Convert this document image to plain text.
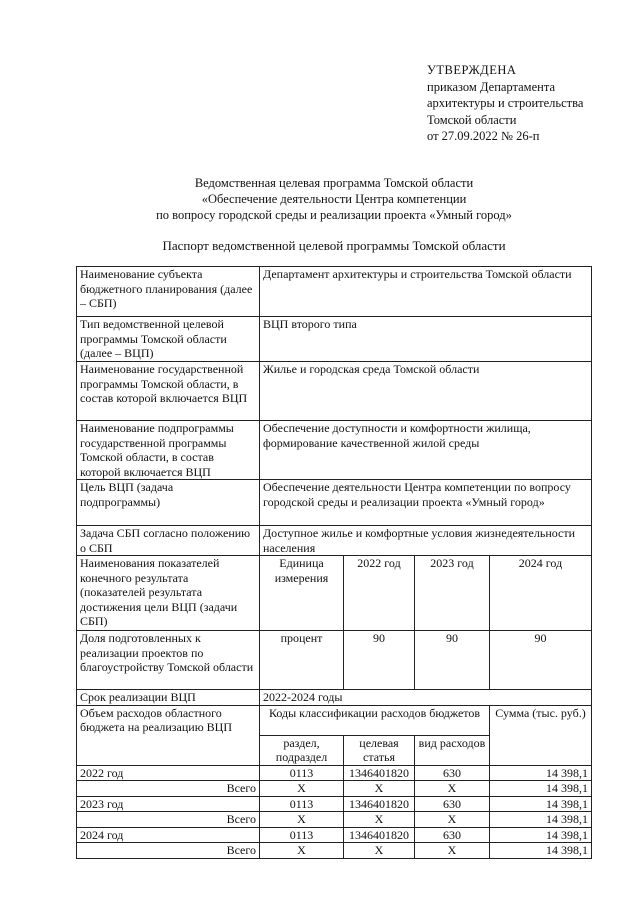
УТВЕРЖДЕНА
приказом Департамента
архитектуры и строительства
Томской области
от 27.09.2022 № 26-п
Ведомственная целевая программа Томской области
«Обеспечение деятельности Центра компетенции
по вопросу городской среды и реализации проекта «Умный город»
Паспорт ведомственной целевой программы Томской области
Наименование субъекта бюджетного планирования (далее – СБП)	Департамент архитектуры и строительства Томской области			
Тип ведомственной целевой программы Томской области (далее – ВЦП)	ВЦП второго типа			
Наименование государственной программы Томской области, в состав которой включается ВЦП	Жилье и городская среда Томской области			
Наименование подпрограммы государственной программы Томской области, в состав которой включается ВЦП	Обеспечение доступности и комфортности жилища, формирование качественной жилой среды			
Цель ВЦП (задача подпрограммы)	Обеспечение деятельности Центра компетенции по вопросу городской среды и реализации проекта «Умный город»			
Задача СБП согласно положению о СБП	Доступное жилье и комфортные условия жизнедеятельности населения			
Наименования показателей конечного результата (показателей результата достижения цели ВЦП (задачи СБП)	Единица измерения	2022 год	2023 год	2024 год
Доля подготовленных к реализации проектов по благоустройству Томской области	процент	90	90	90
Срок реализации ВЦП	2022-2024 годы			
Объем расходов областного бюджета на реализацию ВЦП	Коды классификации расходов бюджетов			Сумма (тыс. руб.)
	раздел, подраздел	целевая статья	вид расходов	
2022 год	0113	1346401820	630	14 398,1
Всего	Х	Х	Х	14 398,1
2023 год	0113	1346401820	630	14 398,1
Всего	Х	Х	Х	14 398,1
2024 год	0113	1346401820	630	14 398,1
Всего	Х	Х	Х	14 398,1
